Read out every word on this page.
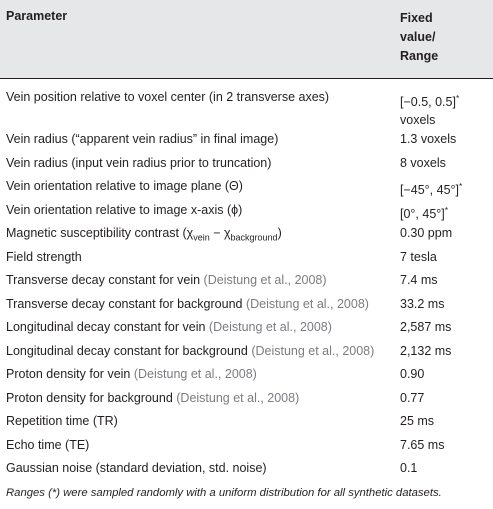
Parameter	Fixed
value/
Range
Vein position relative to voxel center (in 2 transverse axes)	[−0.5, 0.5]*
voxels
Vein radius (“apparent vein radius” in final image)	1.3 voxels
Vein radius (input vein radius prior to truncation)	8 voxels
Vein orientation relative to image plane (Θ)	[−45°, 45°]*
Vein orientation relative to image x-axis (ϕ)	[0°, 45°]*
Magnetic susceptibility contrast $(\chi_{vein} - \chi_{background})$	0.30 ppm
Field strength	7 tesla
Transverse decay constant for vein (Deistung et al., 2008)	7.4 ms
Transverse decay constant for background (Deistung et al., 2008) 33.2 ms
Longitudinal decay constant for vein (Deistung et al., 2008)	2,587 ms
Longitudinal decay constant for background (Deistung et al., 2008) 2,132 ms
Proton density for vein (Deistung et al., 2008)	0.90
Proton density for background (Deistung et al., 2008)	0.77
Repetition time (TR)	25 ms
Echo time (TE)	7.65 ms
Gaussian noise (standard deviation, std. noise)	0.1
Ranges (*) were sampled randomly with a uniform distribution for all synthetic datasets.
